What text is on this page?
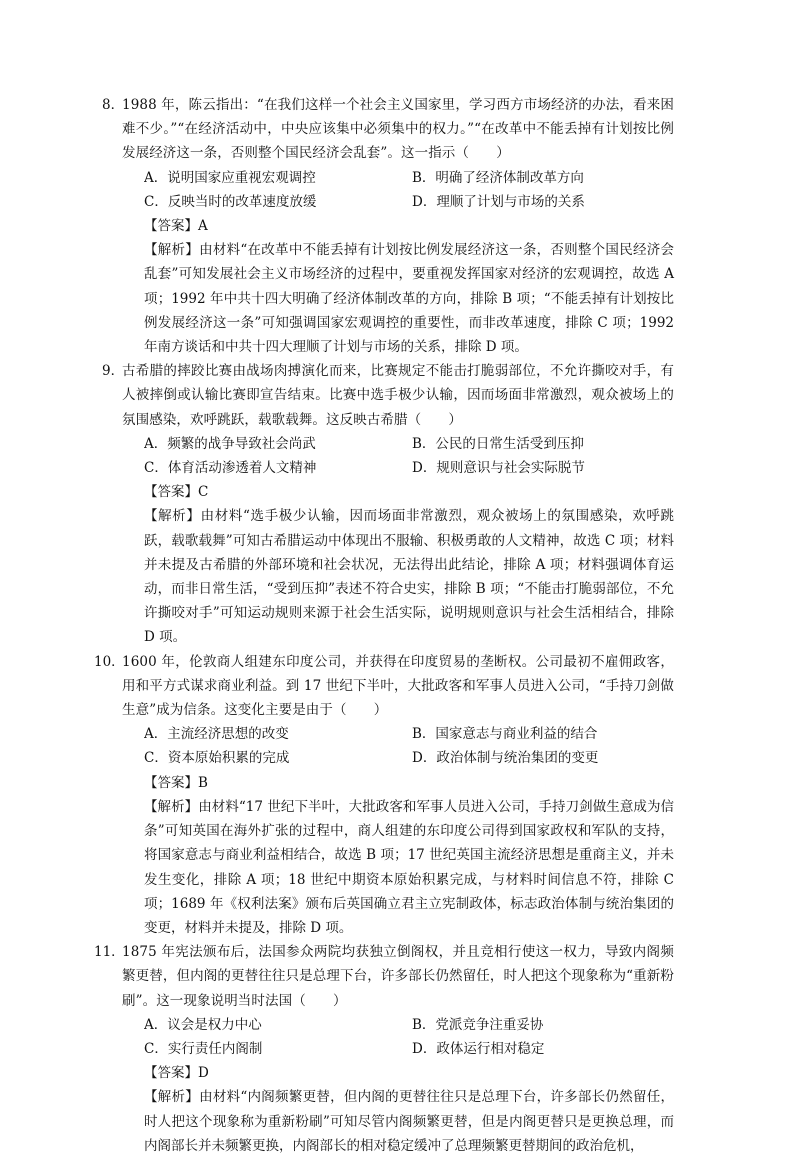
8．
1988 年，陈云指出：“在我们这样一个社会主义国家里，学习西方市场经济的办法，看来困难不少。”“在经济活动中，中央应该集中必须集中的权力。”“在改革中不能丢掉有计划按比例发展经济这一条，否则整个国民经济会乱套”。这一指示（　　）
A．说明国家应重视宏观调控	B．明确了经济体制改革方向
C．反映当时的改革速度放缓	D．理顺了计划与市场的关系
【答案】A
【解析】由材料“在改革中不能丢掉有计划按比例发展经济这一条，否则整个国民经济会乱套”可知发展社会主义市场经济的过程中，要重视发挥国家对经济的宏观调控，故选 A 项；1992 年中共十四大明确了经济体制改革的方向，排除 B 项；“不能丢掉有计划按比例发展经济这一条”可知强调国家宏观调控的重要性，而非改革速度，排除 C 项；1992 年南方谈话和中共十四大理顺了计划与市场的关系，排除 D 项。
9．
古希腊的摔跤比赛由战场肉搏演化而来，比赛规定不能击打脆弱部位，不允许撕咬对手，有人被摔倒或认输比赛即宣告结束。比赛中选手极少认输，因而场面非常激烈，观众被场上的氛围感染，欢呼跳跃，载歌载舞。这反映古希腊（　　）
A．频繁的战争导致社会尚武	B．公民的日常生活受到压抑
C．体育活动渗透着人文精神	D．规则意识与社会实际脱节
【答案】C
【解析】由材料“选手极少认输，因而场面非常激烈，观众被场上的氛围感染，欢呼跳跃，载歌载舞”可知古希腊运动中体现出不服输、积极勇敢的人文精神，故选 C 项；材料并未提及古希腊的外部环境和社会状况，无法得出此结论，排除 A 项；材料强调体育运动，而非日常生活，“受到压抑”表述不符合史实，排除 B 项；“不能击打脆弱部位，不允许撕咬对手”可知运动规则来源于社会生活实际，说明规则意识与社会生活相结合，排除 D 项。
10．
1600 年，伦敦商人组建东印度公司，并获得在印度贸易的垄断权。公司最初不雇佣政客，用和平方式谋求商业利益。到 17 世纪下半叶，大批政客和军事人员进入公司，“手持刀剑做生意”成为信条。这变化主要是由于（　　）
A．主流经济思想的改变	B．国家意志与商业利益的结合
C．资本原始积累的完成	D．政治体制与统治集团的变更
【答案】B
【解析】由材料“17 世纪下半叶，大批政客和军事人员进入公司，手持刀剑做生意成为信条”可知英国在海外扩张的过程中，商人组建的东印度公司得到国家政权和军队的支持，将国家意志与商业利益相结合，故选 B 项；17 世纪英国主流经济思想是重商主义，并未发生变化，排除 A 项；18 世纪中期资本原始积累完成，与材料时间信息不符，排除 C 项；1689 年《权利法案》颁布后英国确立君主立宪制政体，标志政治体制与统治集团的变更，材料并未提及，排除 D 项。
11．
1875 年宪法颁布后，法国参众两院均获独立倒阁权，并且竞相行使这一权力，导致内阁频繁更替，但内阁的更替往往只是总理下台，许多部长仍然留任，时人把这个现象称为“重新粉刷”。这一现象说明当时法国（　　）
A．议会是权力中心	B．党派竞争注重妥协
C．实行责任内阁制	D．政体运行相对稳定
【答案】D
【解析】由材料“内阁频繁更替，但内阁的更替往往只是总理下台，许多部长仍然留任，时人把这个现象称为重新粉刷”可知尽管内阁频繁更替，但是内阁更替只是更换总理，而内阁部长并未频繁更换，内阁部长的相对稳定缓冲了总理频繁更替期间的政治危机，
